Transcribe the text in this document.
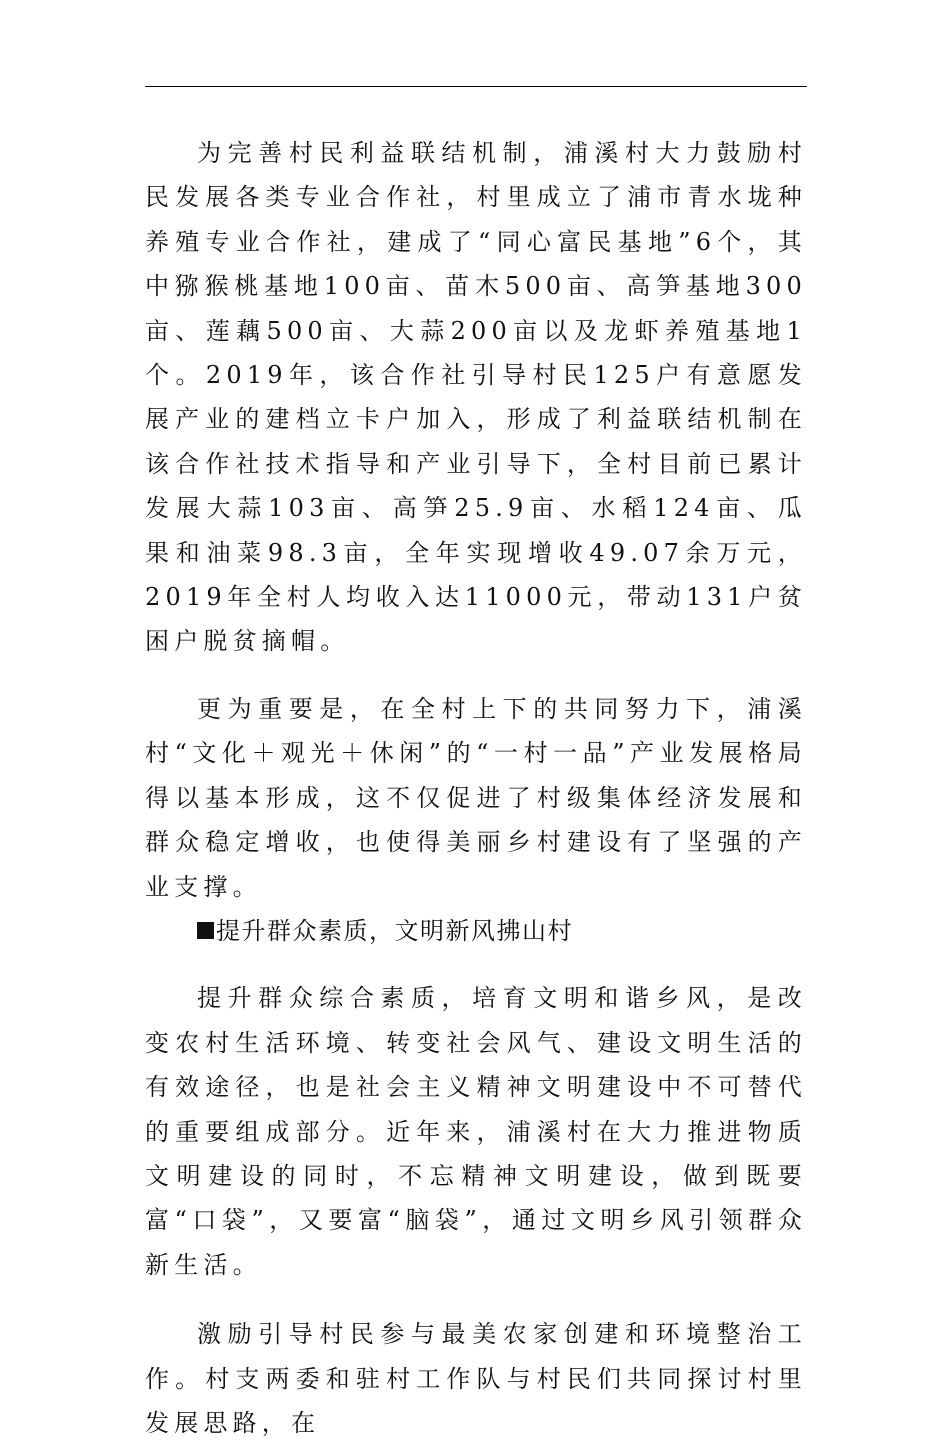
为完善村民利益联结机制，浦溪村大力鼓励村民发展各类专业合作社，村里成立了浦市青水垅种养殖专业合作社，建成了“同心富民基地”6个，其中猕猴桃基地100亩、苗木500亩、高笋基地300亩、莲藕500亩、大蒜200亩以及龙虾养殖基地1个。2019年，该合作社引导村民125户有意愿发展产业的建档立卡户加入，形成了利益联结机制在该合作社技术指导和产业引导下，全村目前已累计发展大蒜103亩、高笋25.9亩、水稻124亩、瓜果和油菜98.3亩，全年实现增收49.07余万元，2019年全村人均收入达11000元，带动131户贫困户脱贫摘帽。

更为重要是，在全村上下的共同努力下，浦溪村“文化＋观光＋休闲”的“一村一品”产业发展格局得以基本形成，这不仅促进了村级集体经济发展和群众稳定增收，也使得美丽乡村建设有了坚强的产业支撑。

提升群众素质，文明新风拂山村

提升群众综合素质，培育文明和谐乡风，是改变农村生活环境、转变社会风气、建设文明生活的有效途径，也是社会主义精神文明建设中不可替代的重要组成部分。近年来，浦溪村在大力推进物质文明建设的同时，不忘精神文明建设，做到既要富“口袋”，又要富“脑袋”，通过文明乡风引领群众新生活。

激励引导村民参与最美农家创建和环境整治工作。村支两委和驻村工作队与村民们共同探讨村里发展思路，在
